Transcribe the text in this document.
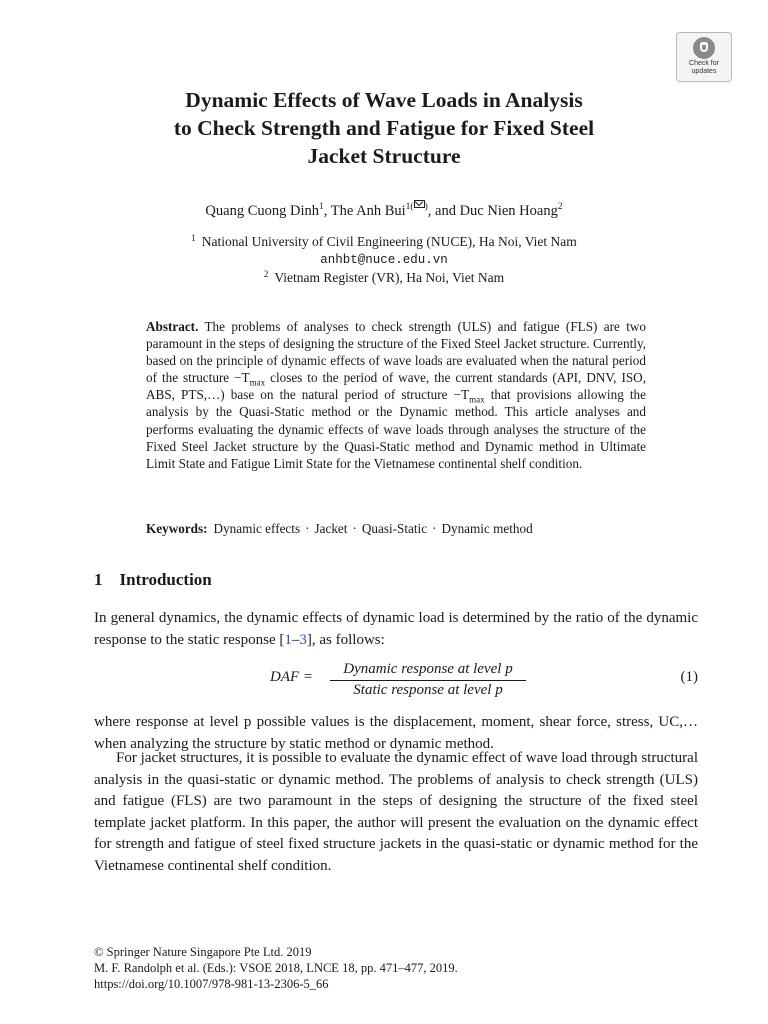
Check for
updates
Dynamic Effects of Wave Loads in Analysis
to Check Strength and Fatigue for Fixed Steel
Jacket Structure
Quang Cuong Dinh$^1$, The Anh Bui$^{1( )}$, and Duc Nien Hoang$^2$
$^1$ National University of Civil Engineering (NUCE), Ha Noi, Viet Nam
anhbt@nuce.edu.vn
$^2$ Vietnam Register (VR), Ha Noi, Viet Nam
Abstract. The problems of analyses to check strength (ULS) and fatigue (FLS) are two paramount in the steps of designing the structure of the Fixed Steel Jacket structure. Currently, based on the principle of dynamic effects of wave loads are evaluated when the natural period of the structure $-T_{max}$ closes to the period of wave, the current standards (API, DNV, ISO, ABS, PTS,…) base on the natural period of structure $-T_{max}$ that provisions allowing the analysis by the Quasi-Static method or the Dynamic method. This article analyses and performs evaluating the dynamic effects of wave loads through analyses the structure of the Fixed Steel Jacket structure by the Quasi-Static method and Dynamic method in Ultimate Limit State and Fatigue Limit State for the Vietnamese continental shelf condition.
Keywords: Dynamic effects · Jacket · Quasi-Static · Dynamic method
1 Introduction
In general dynamics, the dynamic effects of dynamic load is determined by the ratio of the dynamic response to the static response [1–3], as follows:
DAF =	Dynamic response at level p
Static response at level p
(1)
where response at level p possible values is the displacement, moment, shear force, stress, UC,… when analyzing the structure by static method or dynamic method.
For jacket structures, it is possible to evaluate the dynamic effect of wave load through structural analysis in the quasi-static or dynamic method. The problems of analysis to check strength (ULS) and fatigue (FLS) are two paramount in the steps of designing the structure of the fixed steel template jacket platform. In this paper, the author will present the evaluation on the dynamic effect for strength and fatigue of steel fixed structure jackets in the quasi-static or dynamic method for the Vietnamese continental shelf condition.
© Springer Nature Singapore Pte Ltd. 2019
M. F. Randolph et al. (Eds.): VSOE 2018, LNCE 18, pp. 471–477, 2019.
https://doi.org/10.1007/978-981-13-2306-5_66
